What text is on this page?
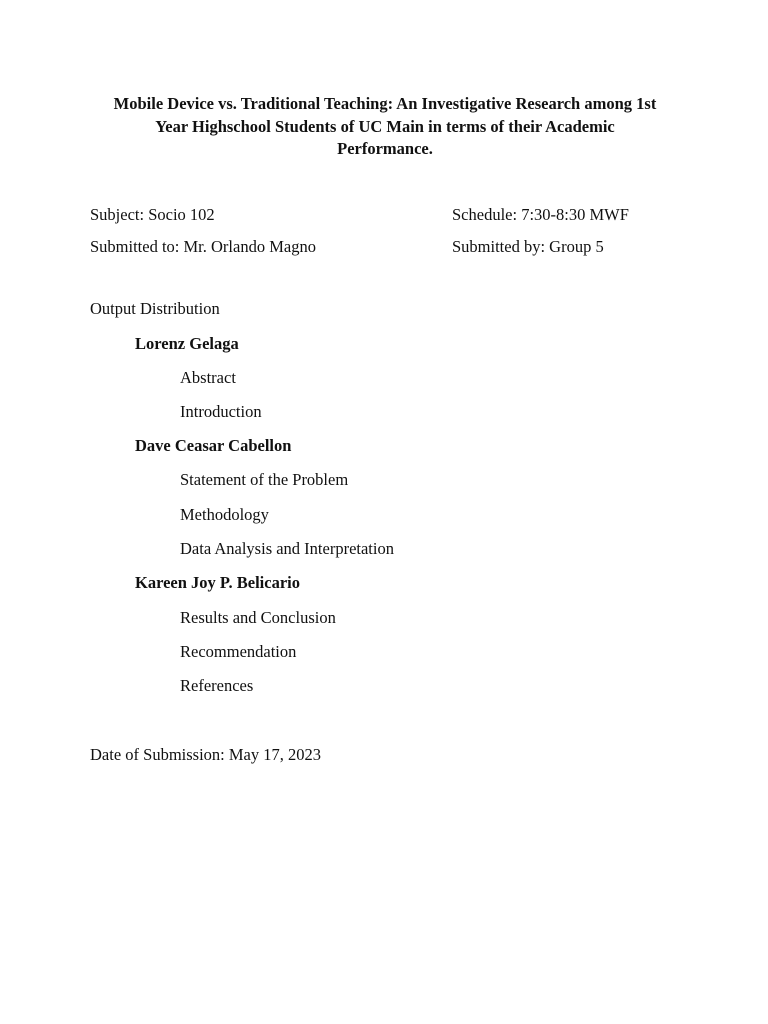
Mobile Device vs. Traditional Teaching: An Investigative Research among 1st
Year Highschool Students of UC Main in terms of their Academic
Performance.
Subject: Socio 102	Schedule: 7:30-8:30 MWF
Submitted to: Mr. Orlando Magno	Submitted by: Group 5
Output Distribution
Lorenz Gelaga
Abstract
Introduction
Dave Ceasar Cabellon
Statement of the Problem
Methodology
Data Analysis and Interpretation
Kareen Joy P. Belicario
Results and Conclusion
Recommendation
References
Date of Submission: May 17, 2023
